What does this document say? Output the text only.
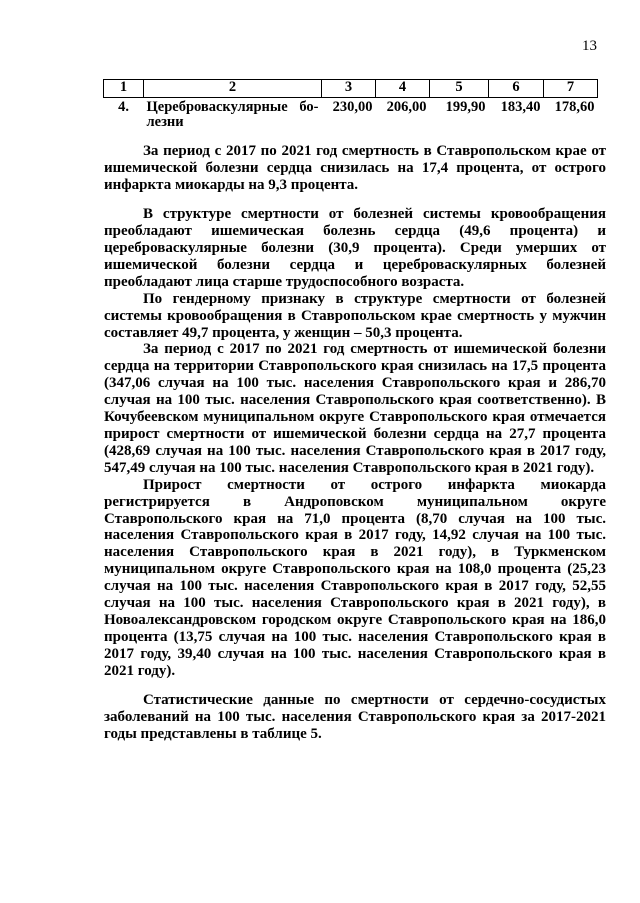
13
1	2	3	4	5	6	7
4.	Цереброваскулярные бо-
лезни	230,00	206,00	199,90	183,40	178,60

За период с 2017 по 2021 год смертность в Ставропольском крае от ишемической болезни сердца снизилась на 17,4 процента, от острого инфаркта миокарды на 9,3 процента.

В структуре смертности от болезней системы кровообращения преобладают ишемическая болезнь сердца (49,6 процента) и цереброваскулярные болезни (30,9 процента). Среди умерших от ишемической болезни сердца и цереброваскулярных болезней преобладают лица старше трудоспособного возраста.

По гендерному признаку в структуре смертности от болезней системы кровообращения в Ставропольском крае смертность у мужчин составляет 49,7 процента, у женщин – 50,3 процента.

За период с 2017 по 2021 год смертность от ишемической болезни сердца на территории Ставропольского края снизилась на 17,5 процента (347,06 случая на 100 тыс. населения Ставропольского края и 286,70 случая на 100 тыс. населения Ставропольского края соответственно). В Кочубеевском муниципальном округе Ставропольского края отмечается прирост смертности от ишемической болезни сердца на 27,7 процента (428,69 случая на 100 тыс. населения Ставропольского края в 2017 году, 547,49 случая на 100 тыс. населения Ставропольского края в 2021 году).

Прирост смертности от острого инфаркта миокарда регистрируется в Андроповском муниципальном округе Ставропольского края на 71,0 процента (8,70 случая на 100 тыс. населения Ставропольского края в 2017 году, 14,92 случая на 100 тыс. населения Ставропольского края в 2021 году), в Туркменском муниципальном округе Ставропольского края на 108,0 процента (25,23 случая на 100 тыс. населения Ставропольского края в 2017 году, 52,55 случая на 100 тыс. населения Ставропольского края в 2021 году), в Новоалександровском городском округе Ставропольского края на 186,0 процента (13,75 случая на 100 тыс. населения Ставропольского края в 2017 году, 39,40 случая на 100 тыс. населения Ставропольского края в 2021 году).

Статистические данные по смертности от сердечно-сосудистых заболеваний на 100 тыс. населения Ставропольского края за 2017-2021 годы представлены в таблице 5.
